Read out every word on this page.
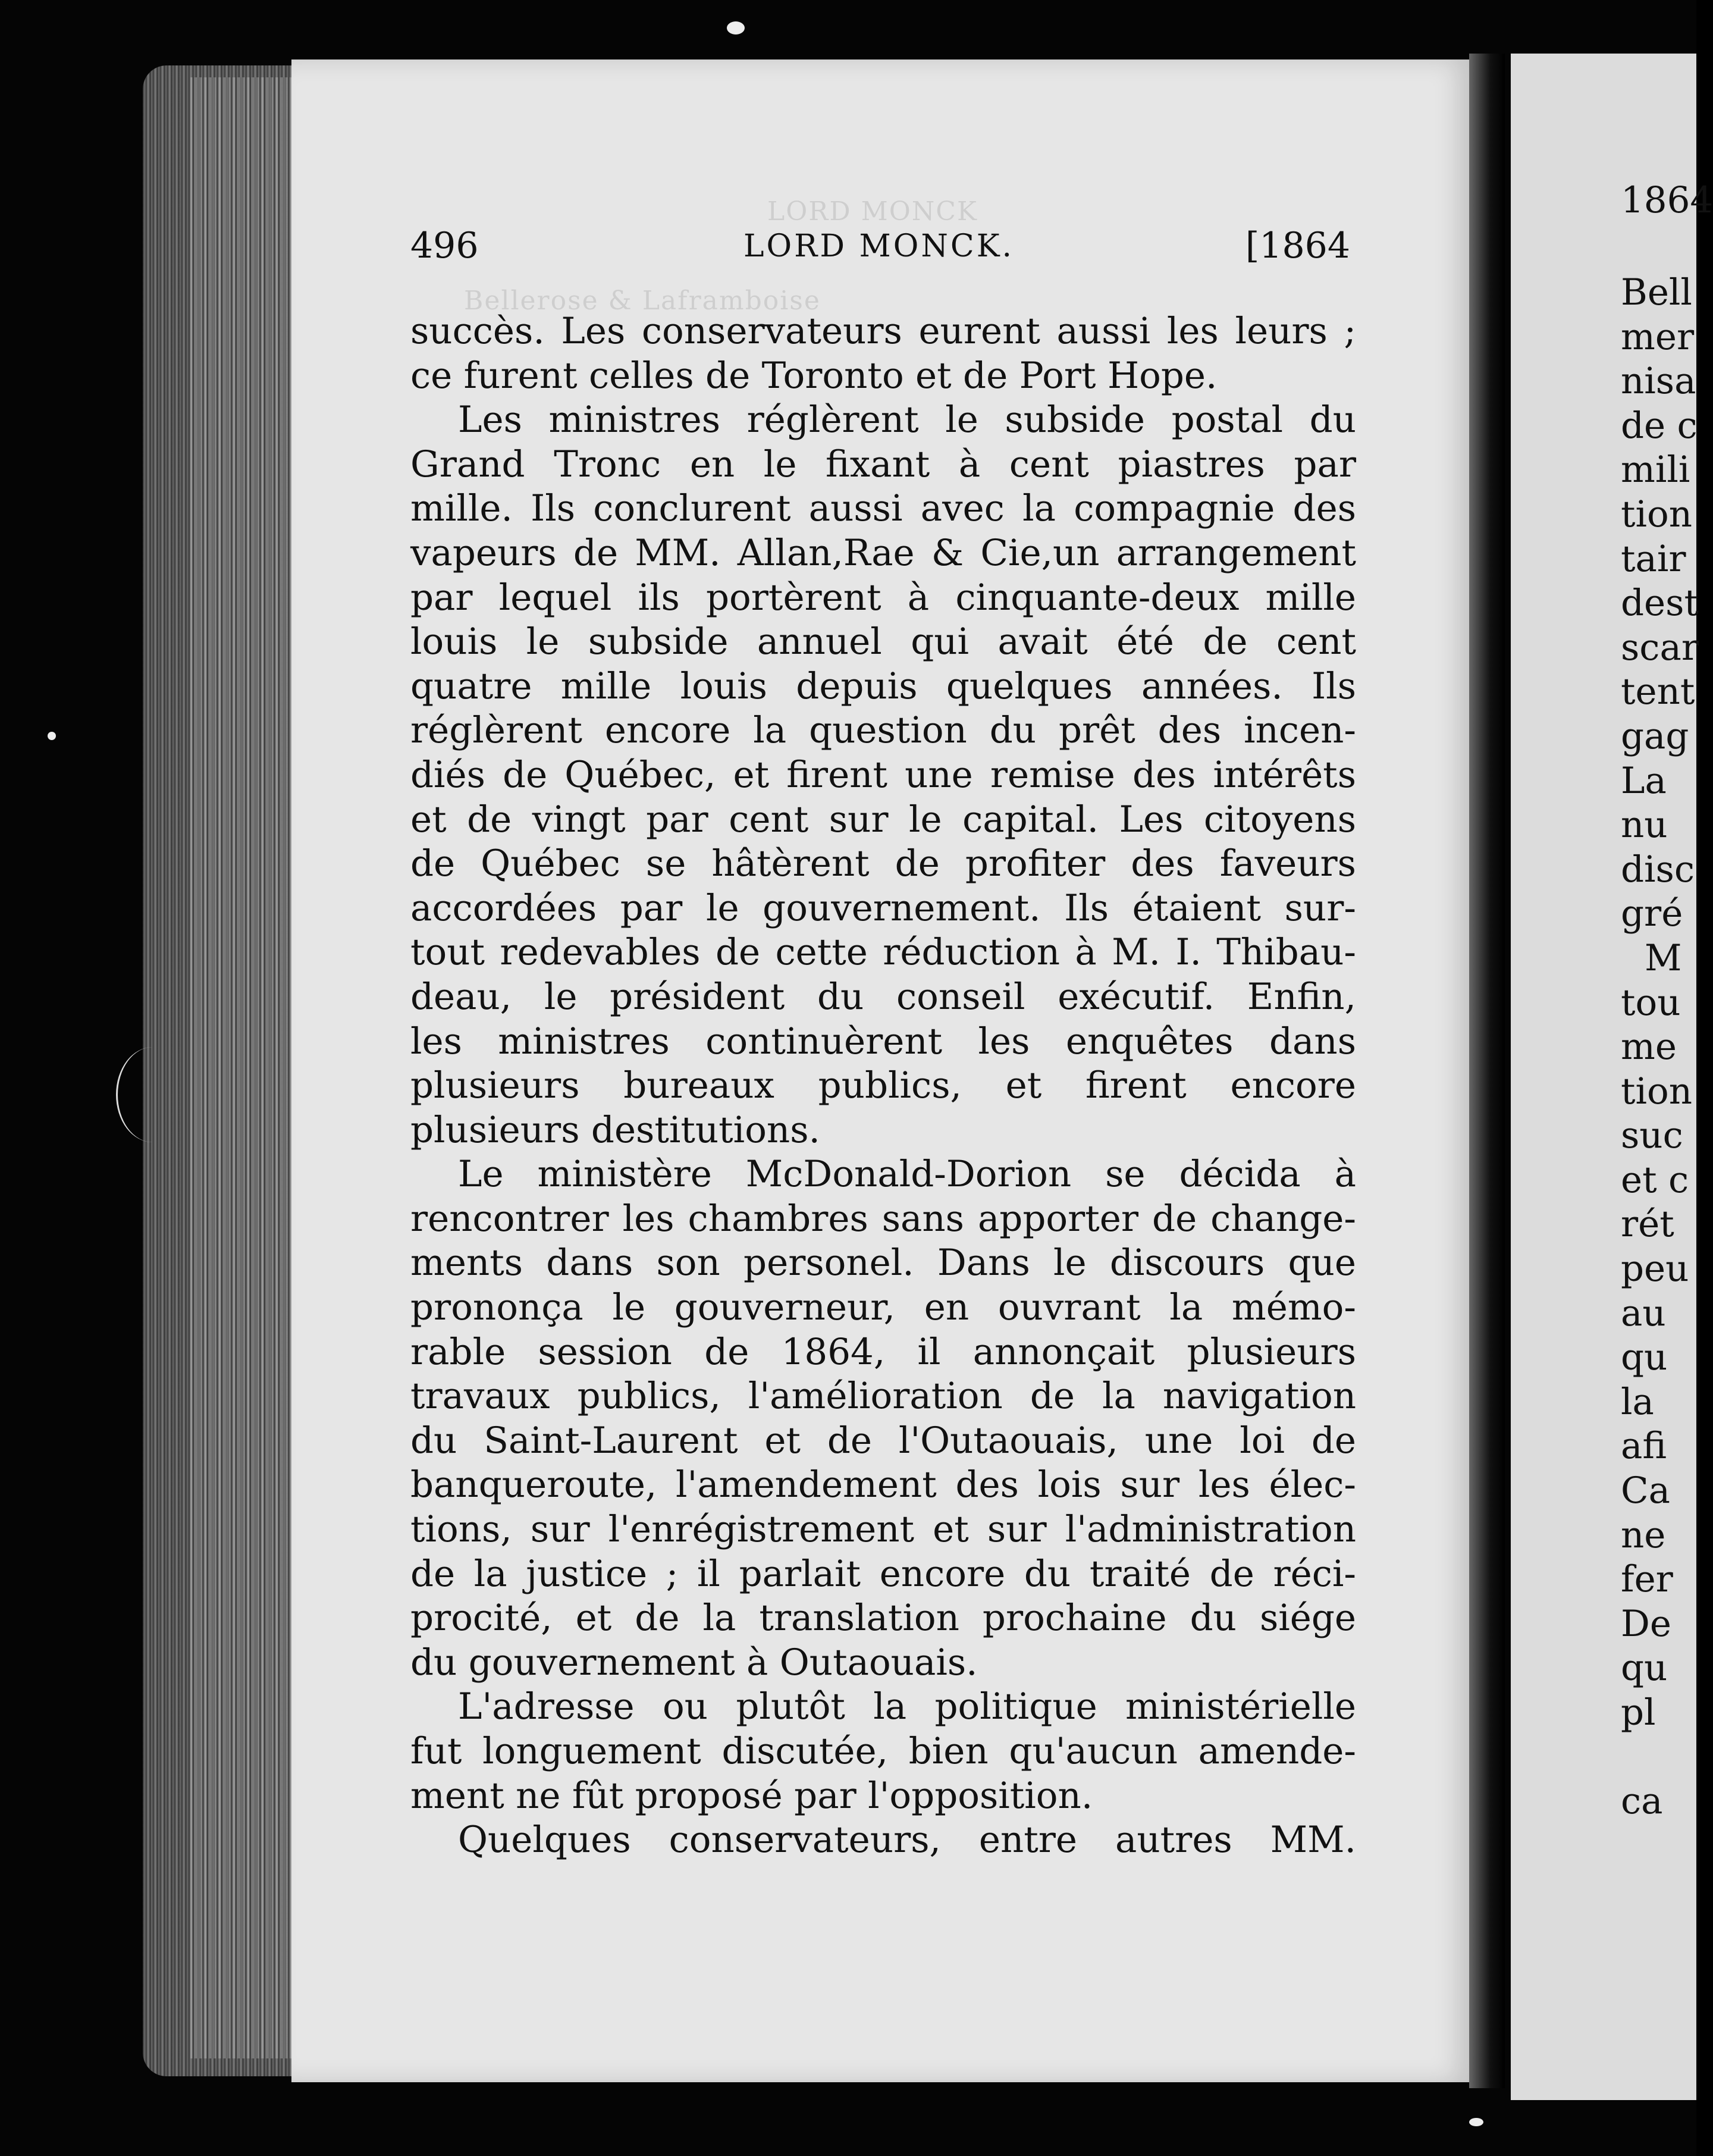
LORD MONCK
Bellerose & Laframboise
496	LORD MONCK.	[1864
succès. Les conservateurs eurent aussi les leurs ;
ce furent celles de Toronto et de Port Hope.
Les ministres réglèrent le subside postal du
Grand Tronc en le fixant à cent piastres par
mille. Ils conclurent aussi avec la compagnie des
vapeurs de MM. Allan,Rae & Cie,un arrangement
par lequel ils portèrent à cinquante-deux mille
louis le subside annuel qui avait été de cent
quatre mille louis depuis quelques années. Ils
réglèrent encore la question du prêt des incen-
diés de Québec, et firent une remise des intérêts
et de vingt par cent sur le capital. Les citoyens
de Québec se hâtèrent de profiter des faveurs
accordées par le gouvernement. Ils étaient sur-
tout redevables de cette réduction à M. I. Thibau-
deau, le président du conseil exécutif. Enfin,
les ministres continuèrent les enquêtes dans
plusieurs bureaux publics, et firent encore
plusieurs destitutions.
Le ministère McDonald-Dorion se décida à
rencontrer les chambres sans apporter de change-
ments dans son personel. Dans le discours que
prononça le gouverneur, en ouvrant la mémo-
rable session de 1864, il annonçait plusieurs
travaux publics, l'amélioration de la navigation
du Saint-Laurent et de l'Outaouais, une loi de
banqueroute, l'amendement des lois sur les élec-
tions, sur l'enrégistrement et sur l'administration
de la justice ; il parlait encore du traité de réci-
procité, et de la translation prochaine du siége
du gouvernement à Outaouais.
L'adresse ou plutôt la politique ministérielle
fut longuement discutée, bien qu'aucun amende-
ment ne fût proposé par l'opposition.
Quelques conservateurs, entre autres MM.
1864
Bell
mer
nisa
de c
mili
tion
tair
dest
scar
tent
gag
La
nu
disc
gré
M
tou
me
tion
suc
et c
rét
peu
au
qu
la
afi
Ca
ne
fer
De
qu
pl
ca
